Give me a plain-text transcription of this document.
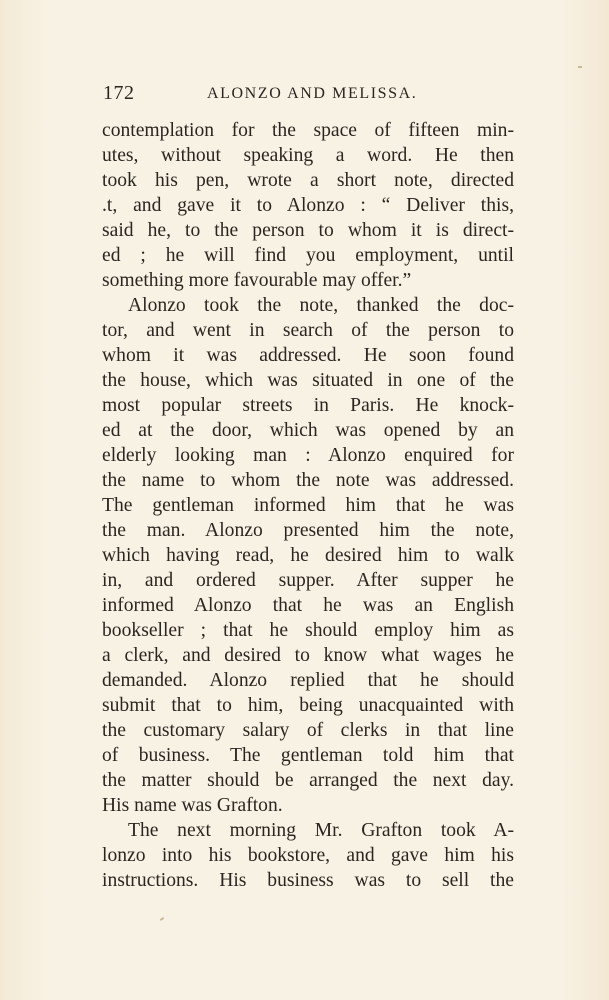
172	ALONZO AND MELISSA.
contemplation for the space of fifteen min-
utes, without speaking a word. He then
took his pen, wrote a short note, directed
.t, and gave it to Alonzo : “ Deliver this,
said he, to the person to whom it is direct-
ed ; he will find you employment, until
something more favourable may offer.”
Alonzo took the note, thanked the doc-
tor, and went in search of the person to
whom it was addressed. He soon found
the house, which was situated in one of the
most popular streets in Paris. He knock-
ed at the door, which was opened by an
elderly looking man : Alonzo enquired for
the name to whom the note was addressed.
The gentleman informed him that he was
the man. Alonzo presented him the note,
which having read, he desired him to walk
in, and ordered supper. After supper he
informed Alonzo that he was an English
bookseller ; that he should employ him as
a clerk, and desired to know what wages he
demanded. Alonzo replied that he should
submit that to him, being unacquainted with
the customary salary of clerks in that line
of business. The gentleman told him that
the matter should be arranged the next day.
His name was Grafton.
The next morning Mr. Grafton took A-
lonzo into his bookstore, and gave him his
instructions. His business was to sell the
